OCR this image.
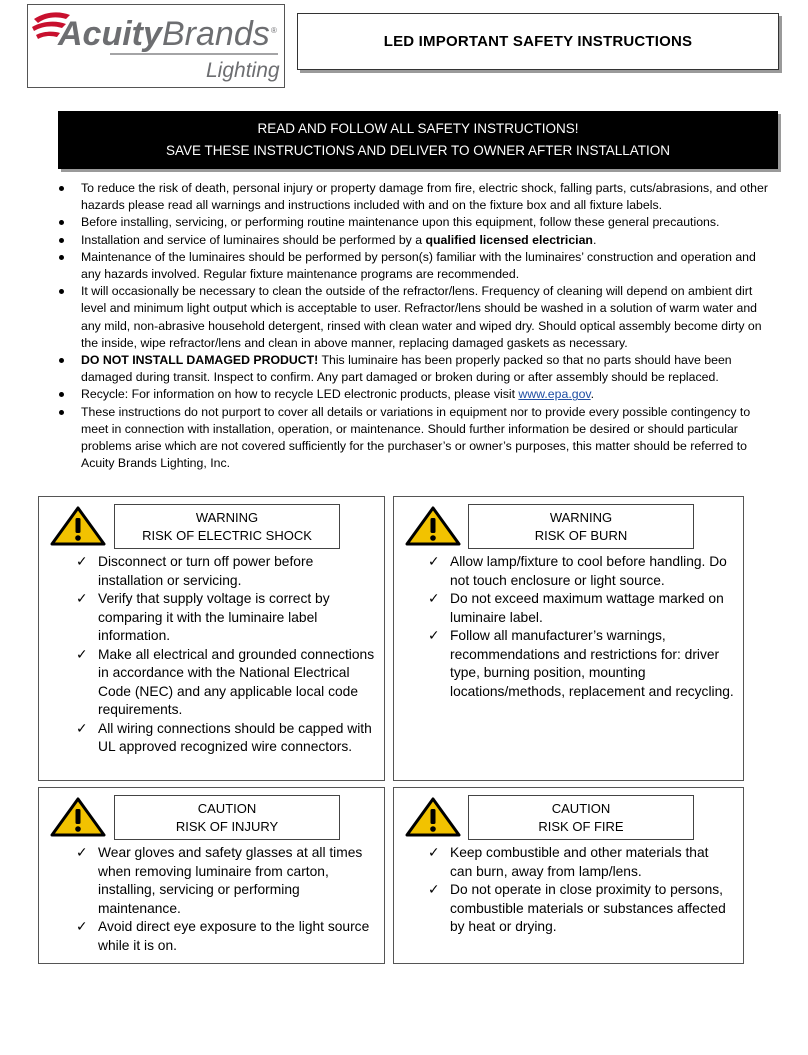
Acuity Brands ®
Lighting
LED IMPORTANT SAFETY INSTRUCTIONS
READ AND FOLLOW ALL SAFETY INSTRUCTIONS!
SAVE THESE INSTRUCTIONS AND DELIVER TO OWNER AFTER INSTALLATION
To reduce the risk of death, personal injury or property damage from fire, electric shock, falling parts, cuts/abrasions, and other hazards please read all warnings and instructions included with and on the fixture box and all fixture labels.
Before installing, servicing, or performing routine maintenance upon this equipment, follow these general precautions.
Installation and service of luminaires should be performed by a qualified licensed electrician.
Maintenance of the luminaires should be performed by person(s) familiar with the luminaires’ construction and operation and any hazards involved. Regular fixture maintenance programs are recommended.
It will occasionally be necessary to clean the outside of the refractor/lens. Frequency of cleaning will depend on ambient dirt level and minimum light output which is acceptable to user. Refractor/lens should be washed in a solution of warm water and any mild, non-abrasive household detergent, rinsed with clean water and wiped dry. Should optical assembly become dirty on the inside, wipe refractor/lens and clean in above manner, replacing damaged gaskets as necessary.
DO NOT INSTALL DAMAGED PRODUCT! This luminaire has been properly packed so that no parts should have been damaged during transit. Inspect to confirm. Any part damaged or broken during or after assembly should be replaced.
Recycle: For information on how to recycle LED electronic products, please visit www.epa.gov.
These instructions do not purport to cover all details or variations in equipment nor to provide every possible contingency to meet in connection with installation, operation, or maintenance. Should further information be desired or should particular problems arise which are not covered sufficiently for the purchaser’s or owner’s purposes, this matter should be referred to Acuity Brands Lighting, Inc.
WARNING
RISK OF ELECTRIC SHOCK
✓ Disconnect or turn off power before installation or servicing.
✓ Verify that supply voltage is correct by comparing it with the luminaire label information.
✓ Make all electrical and grounded connections in accordance with the National Electrical Code (NEC) and any applicable local code requirements.
✓ All wiring connections should be capped with UL approved recognized wire connectors.
WARNING
RISK OF BURN
✓ Allow lamp/fixture to cool before handling. Do not touch enclosure or light source.
✓ Do not exceed maximum wattage marked on luminaire label.
✓ Follow all manufacturer’s warnings, recommendations and restrictions for: driver type, burning position, mounting locations/methods, replacement and recycling.
CAUTION
RISK OF INJURY
✓ Wear gloves and safety glasses at all times when removing luminaire from carton, installing, servicing or performing maintenance.
✓ Avoid direct eye exposure to the light source while it is on.
CAUTION
RISK OF FIRE
✓ Keep combustible and other materials that can burn, away from lamp/lens.
✓ Do not operate in close proximity to persons, combustible materials or substances affected by heat or drying.
